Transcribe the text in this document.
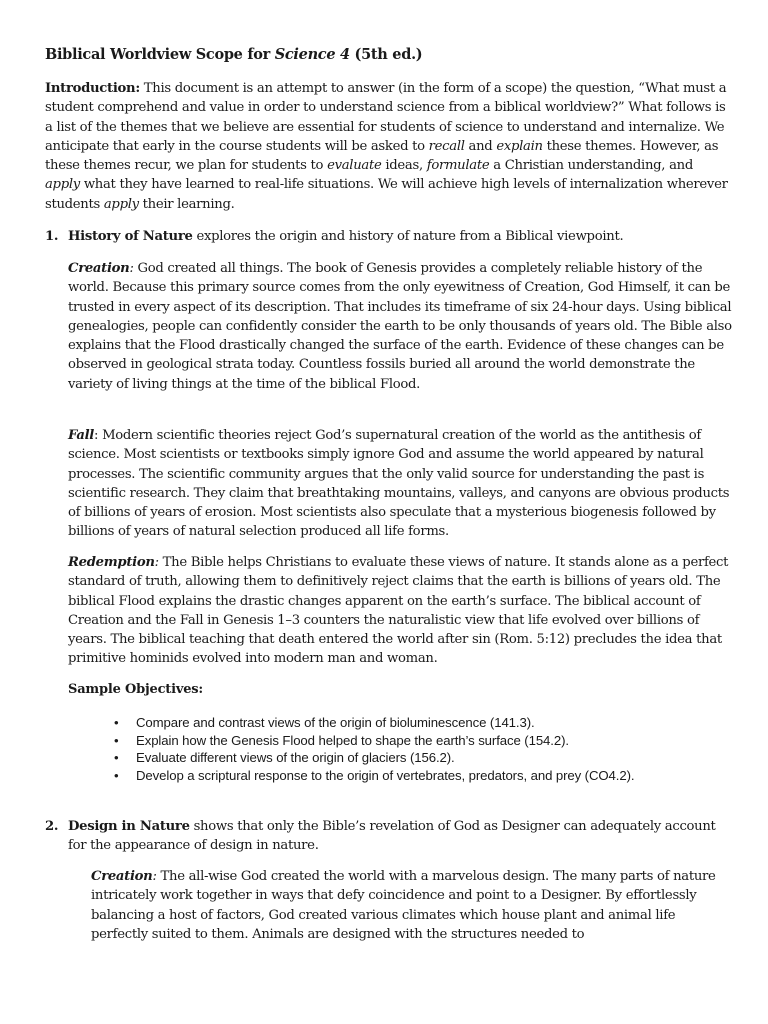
Biblical Worldview Scope for Science 4 (5th ed.)

Introduction: This document is an attempt to answer (in the form of a scope) the question, “What must a student comprehend and value in order to understand science from a biblical worldview?” What follows is a list of the themes that we believe are essential for students of science to understand and internalize. We anticipate that early in the course students will be asked to recall and explain these themes. However, as these themes recur, we plan for students to evaluate ideas, formulate a Christian understanding, and apply what they have learned to real-life situations. We will achieve high levels of internalization wherever students apply their learning.

1. History of Nature explores the origin and history of nature from a Biblical viewpoint.

Creation: God created all things. The book of Genesis provides a completely reliable history of the world. Because this primary source comes from the only eyewitness of Creation, God Himself, it can be trusted in every aspect of its description. That includes its timeframe of six 24-hour days. Using biblical genealogies, people can confidently consider the earth to be only thousands of years old. The Bible also explains that the Flood drastically changed the surface of the earth. Evidence of these changes can be observed in geological strata today. Countless fossils buried all around the world demonstrate the variety of living things at the time of the biblical Flood.

Fall: Modern scientific theories reject God’s supernatural creation of the world as the antithesis of science. Most scientists or textbooks simply ignore God and assume the world appeared by natural processes. The scientific community argues that the only valid source for understanding the past is scientific research. They claim that breathtaking mountains, valleys, and canyons are obvious products of billions of years of erosion. Most scientists also speculate that a mysterious biogenesis followed by billions of years of natural selection produced all life forms.

Redemption: The Bible helps Christians to evaluate these views of nature. It stands alone as a perfect standard of truth, allowing them to definitively reject claims that the earth is billions of years old. The biblical Flood explains the drastic changes apparent on the earth’s surface. The biblical account of Creation and the Fall in Genesis 1–3 counters the naturalistic view that life evolved over billions of years. The biblical teaching that death entered the world after sin (Rom. 5:12) precludes the idea that primitive hominids evolved into modern man and woman.

Sample Objectives:

• Compare and contrast views of the origin of bioluminescence (141.3).
• Explain how the Genesis Flood helped to shape the earth’s surface (154.2).
• Evaluate different views of the origin of glaciers (156.2).
• Develop a scriptural response to the origin of vertebrates, predators, and prey (CO4.2).

2. Design in Nature shows that only the Bible’s revelation of God as Designer can adequately account for the appearance of design in nature.

Creation: The all-wise God created the world with a marvelous design. The many parts of nature intricately work together in ways that defy coincidence and point to a Designer. By effortlessly balancing a host of factors, God created various climates which house plant and animal life perfectly suited to them. Animals are designed with the structures needed to
